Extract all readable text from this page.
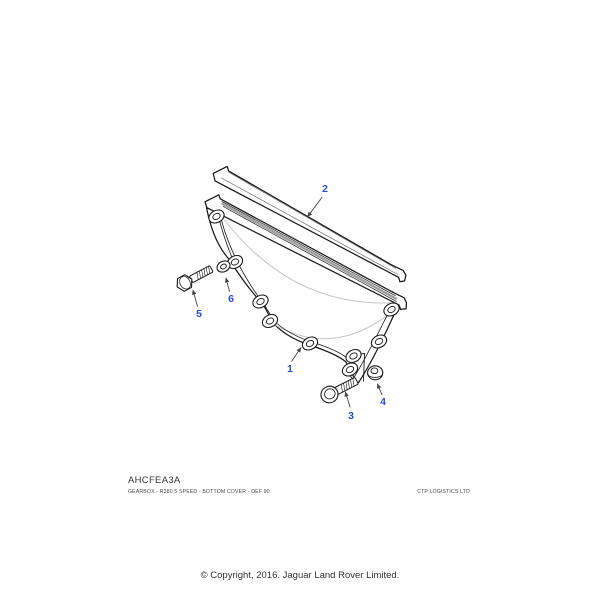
1
2
3
4
5
6
AHCFEA3A
GEARBOX - R380 5 SPEED - BOTTOM COVER - DEF 90	CTP LOGISTICS LTD
© Copyright, 2016. Jaguar Land Rover Limited.
